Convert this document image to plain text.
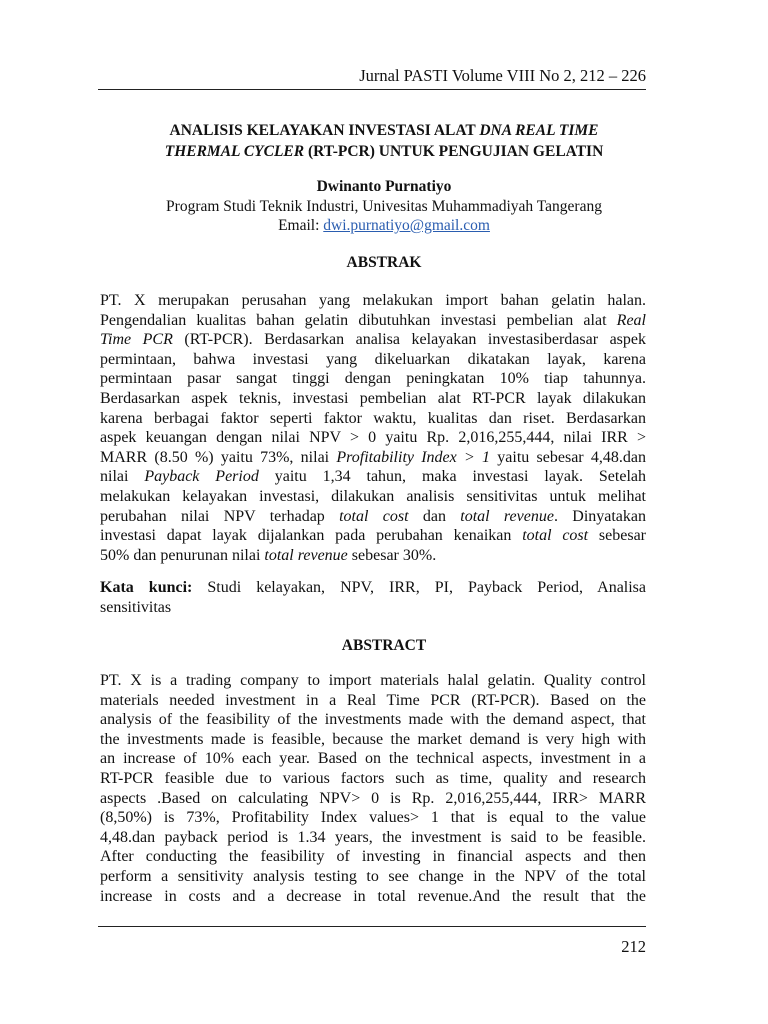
Jurnal PASTI Volume VIII No 2, 212 – 226
ANALISIS KELAYAKAN INVESTASI ALAT DNA REAL TIME
THERMAL CYCLER (RT-PCR) UNTUK PENGUJIAN GELATIN
Dwinanto Purnatiyo
Program Studi Teknik Industri, Univesitas Muhammadiyah Tangerang
Email: dwi.purnatiyo@gmail.com
ABSTRAK
PT. X merupakan perusahan yang melakukan import bahan gelatin halan.
Pengendalian kualitas bahan gelatin dibutuhkan investasi pembelian alat Real
Time PCR (RT-PCR). Berdasarkan analisa kelayakan investasiberdasar aspek
permintaan, bahwa investasi yang dikeluarkan dikatakan layak, karena
permintaan pasar sangat tinggi dengan peningkatan 10% tiap tahunnya.
Berdasarkan aspek teknis, investasi pembelian alat RT-PCR layak dilakukan
karena berbagai faktor seperti faktor waktu, kualitas dan riset. Berdasarkan
aspek keuangan dengan nilai NPV > 0 yaitu Rp. 2,016,255,444, nilai IRR >
MARR (8.50 %) yaitu 73%, nilai Profitability Index > 1 yaitu sebesar 4,48.dan
nilai Payback Period yaitu 1,34 tahun, maka investasi layak. Setelah
melakukan kelayakan investasi, dilakukan analisis sensitivitas untuk melihat
perubahan nilai NPV terhadap total cost dan total revenue. Dinyatakan
investasi dapat layak dijalankan pada perubahan kenaikan total cost sebesar
50% dan penurunan nilai total revenue sebesar 30%.
Kata kunci: Studi kelayakan, NPV, IRR, PI, Payback Period, Analisa
sensitivitas
ABSTRACT
PT. X is a trading company to import materials halal gelatin. Quality control
materials needed investment in a Real Time PCR (RT-PCR). Based on the
analysis of the feasibility of the investments made with the demand aspect, that
the investments made is feasible, because the market demand is very high with
an increase of 10% each year. Based on the technical aspects, investment in a
RT-PCR feasible due to various factors such as time, quality and research
aspects .Based on calculating NPV> 0 is Rp. 2,016,255,444, IRR> MARR
(8,50%) is 73%, Profitability Index values> 1 that is equal to the value
4,48.dan payback period is 1.34 years, the investment is said to be feasible.
After conducting the feasibility of investing in financial aspects and then
perform a sensitivity analysis testing to see change in the NPV of the total
increase in costs and a decrease in total revenue.And the result that the
212
